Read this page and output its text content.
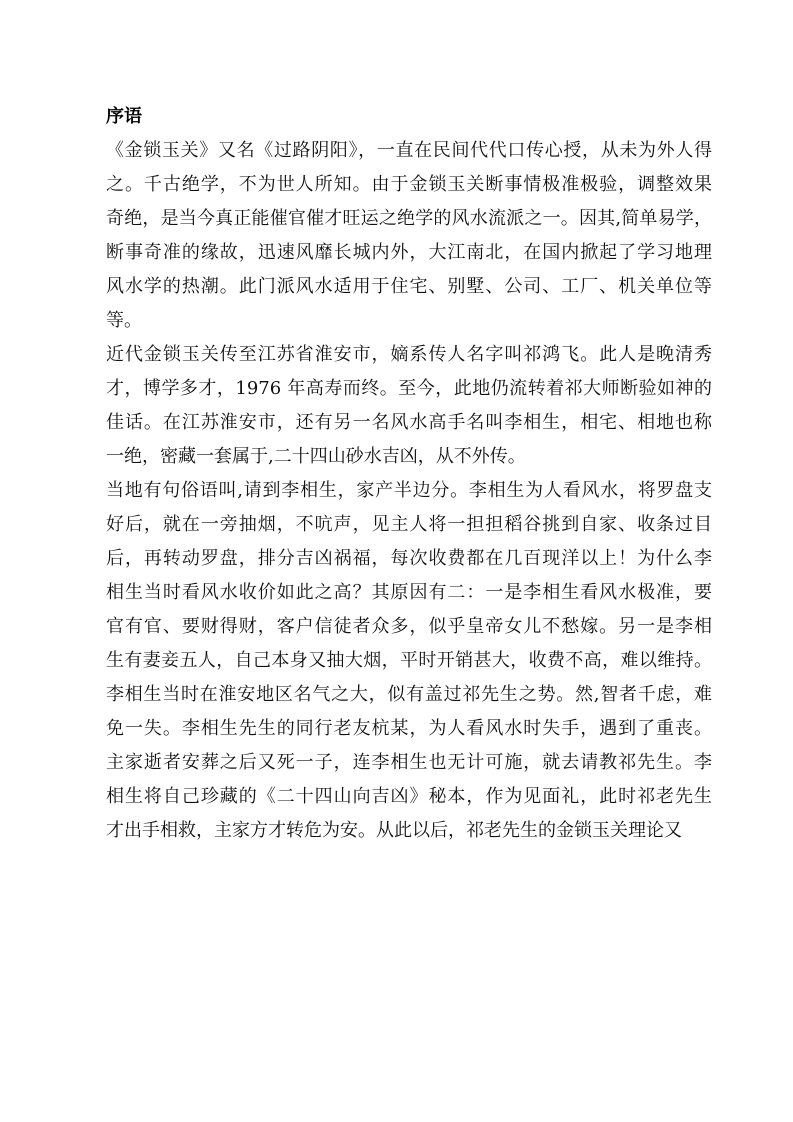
序语
《金锁玉关》又名《过路阴阳》，一直在民间代代口传心授，从未为外人得
之。千古绝学，不为世人所知。由于金锁玉关断事情极准极验，调整效果
奇绝，是当今真正能催官催才旺运之绝学的风水流派之一。因其,简单易学，
断事奇准的缘故，迅速风靡长城内外，大江南北，在国内掀起了学习地理
风水学的热潮。此门派风水适用于住宅、别墅、公司、工厂、机关单位等
等。
近代金锁玉关传至江苏省淮安市，嫡系传人名字叫祁鸿飞。此人是晚清秀
才，博学多才，1976 年高寿而终。至今，此地仍流转着祁大师断验如神的
佳话。在江苏淮安市，还有另一名风水高手名叫李相生，相宅、相地也称
一绝，密藏一套属于,二十四山砂水吉凶，从不外传。
当地有句俗语叫,请到李相生，家产半边分。李相生为人看风水，将罗盘支
好后，就在一旁抽烟，不吭声，见主人将一担担稻谷挑到自家、收条过目
后，再转动罗盘，排分吉凶祸福，每次收费都在几百现洋以上！为什么李
相生当时看风水收价如此之高？其原因有二：一是李相生看风水极准，要
官有官、要财得财，客户信徒者众多，似乎皇帝女儿不愁嫁。另一是李相
生有妻妾五人，自己本身又抽大烟，平时开销甚大，收费不高，难以维持。
李相生当时在淮安地区名气之大，似有盖过祁先生之势。然,智者千虑，难
免一失。李相生先生的同行老友杭某，为人看风水时失手，遇到了重丧。
主家逝者安葬之后又死一子，连李相生也无计可施，就去请教祁先生。李
相生将自己珍藏的《二十四山向吉凶》秘本，作为见面礼，此时祁老先生
才出手相救，主家方才转危为安。从此以后，祁老先生的金锁玉关理论又
